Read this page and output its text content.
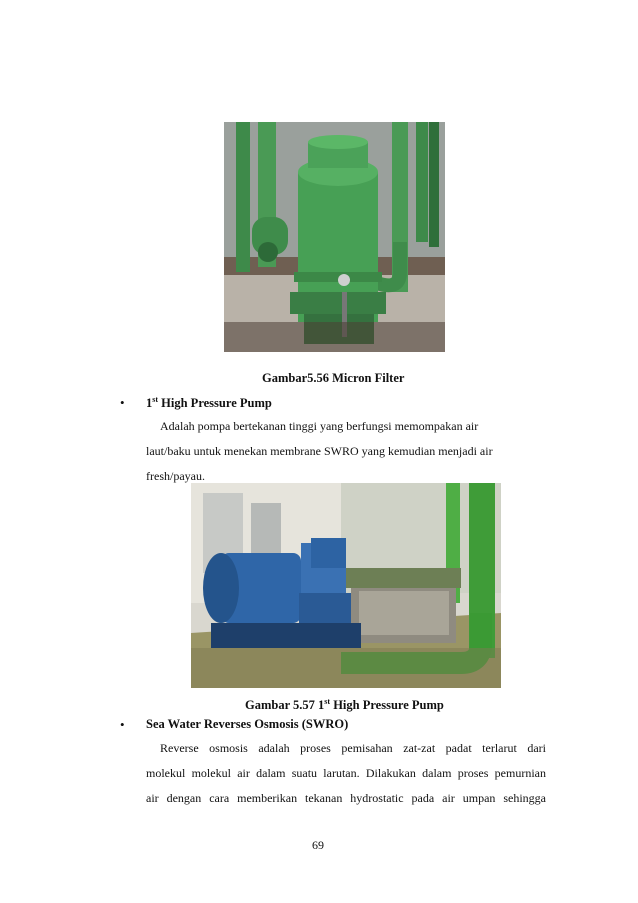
Gambar5.56 Micron Filter
• 1st High Pressure Pump
Adalah pompa bertekanan tinggi yang berfungsi memompakan air
laut/baku untuk menekan membrane SWRO yang kemudian menjadi air
fresh/payau.
Gambar 5.57 1st High Pressure Pump
• Sea Water Reverses Osmosis (SWRO)
Reverse osmosis adalah proses pemisahan zat-zat padat terlarut dari
molekul molekul air dalam suatu larutan. Dilakukan dalam proses pemurnian
air dengan cara memberikan tekanan hydrostatic pada air umpan sehingga
69
